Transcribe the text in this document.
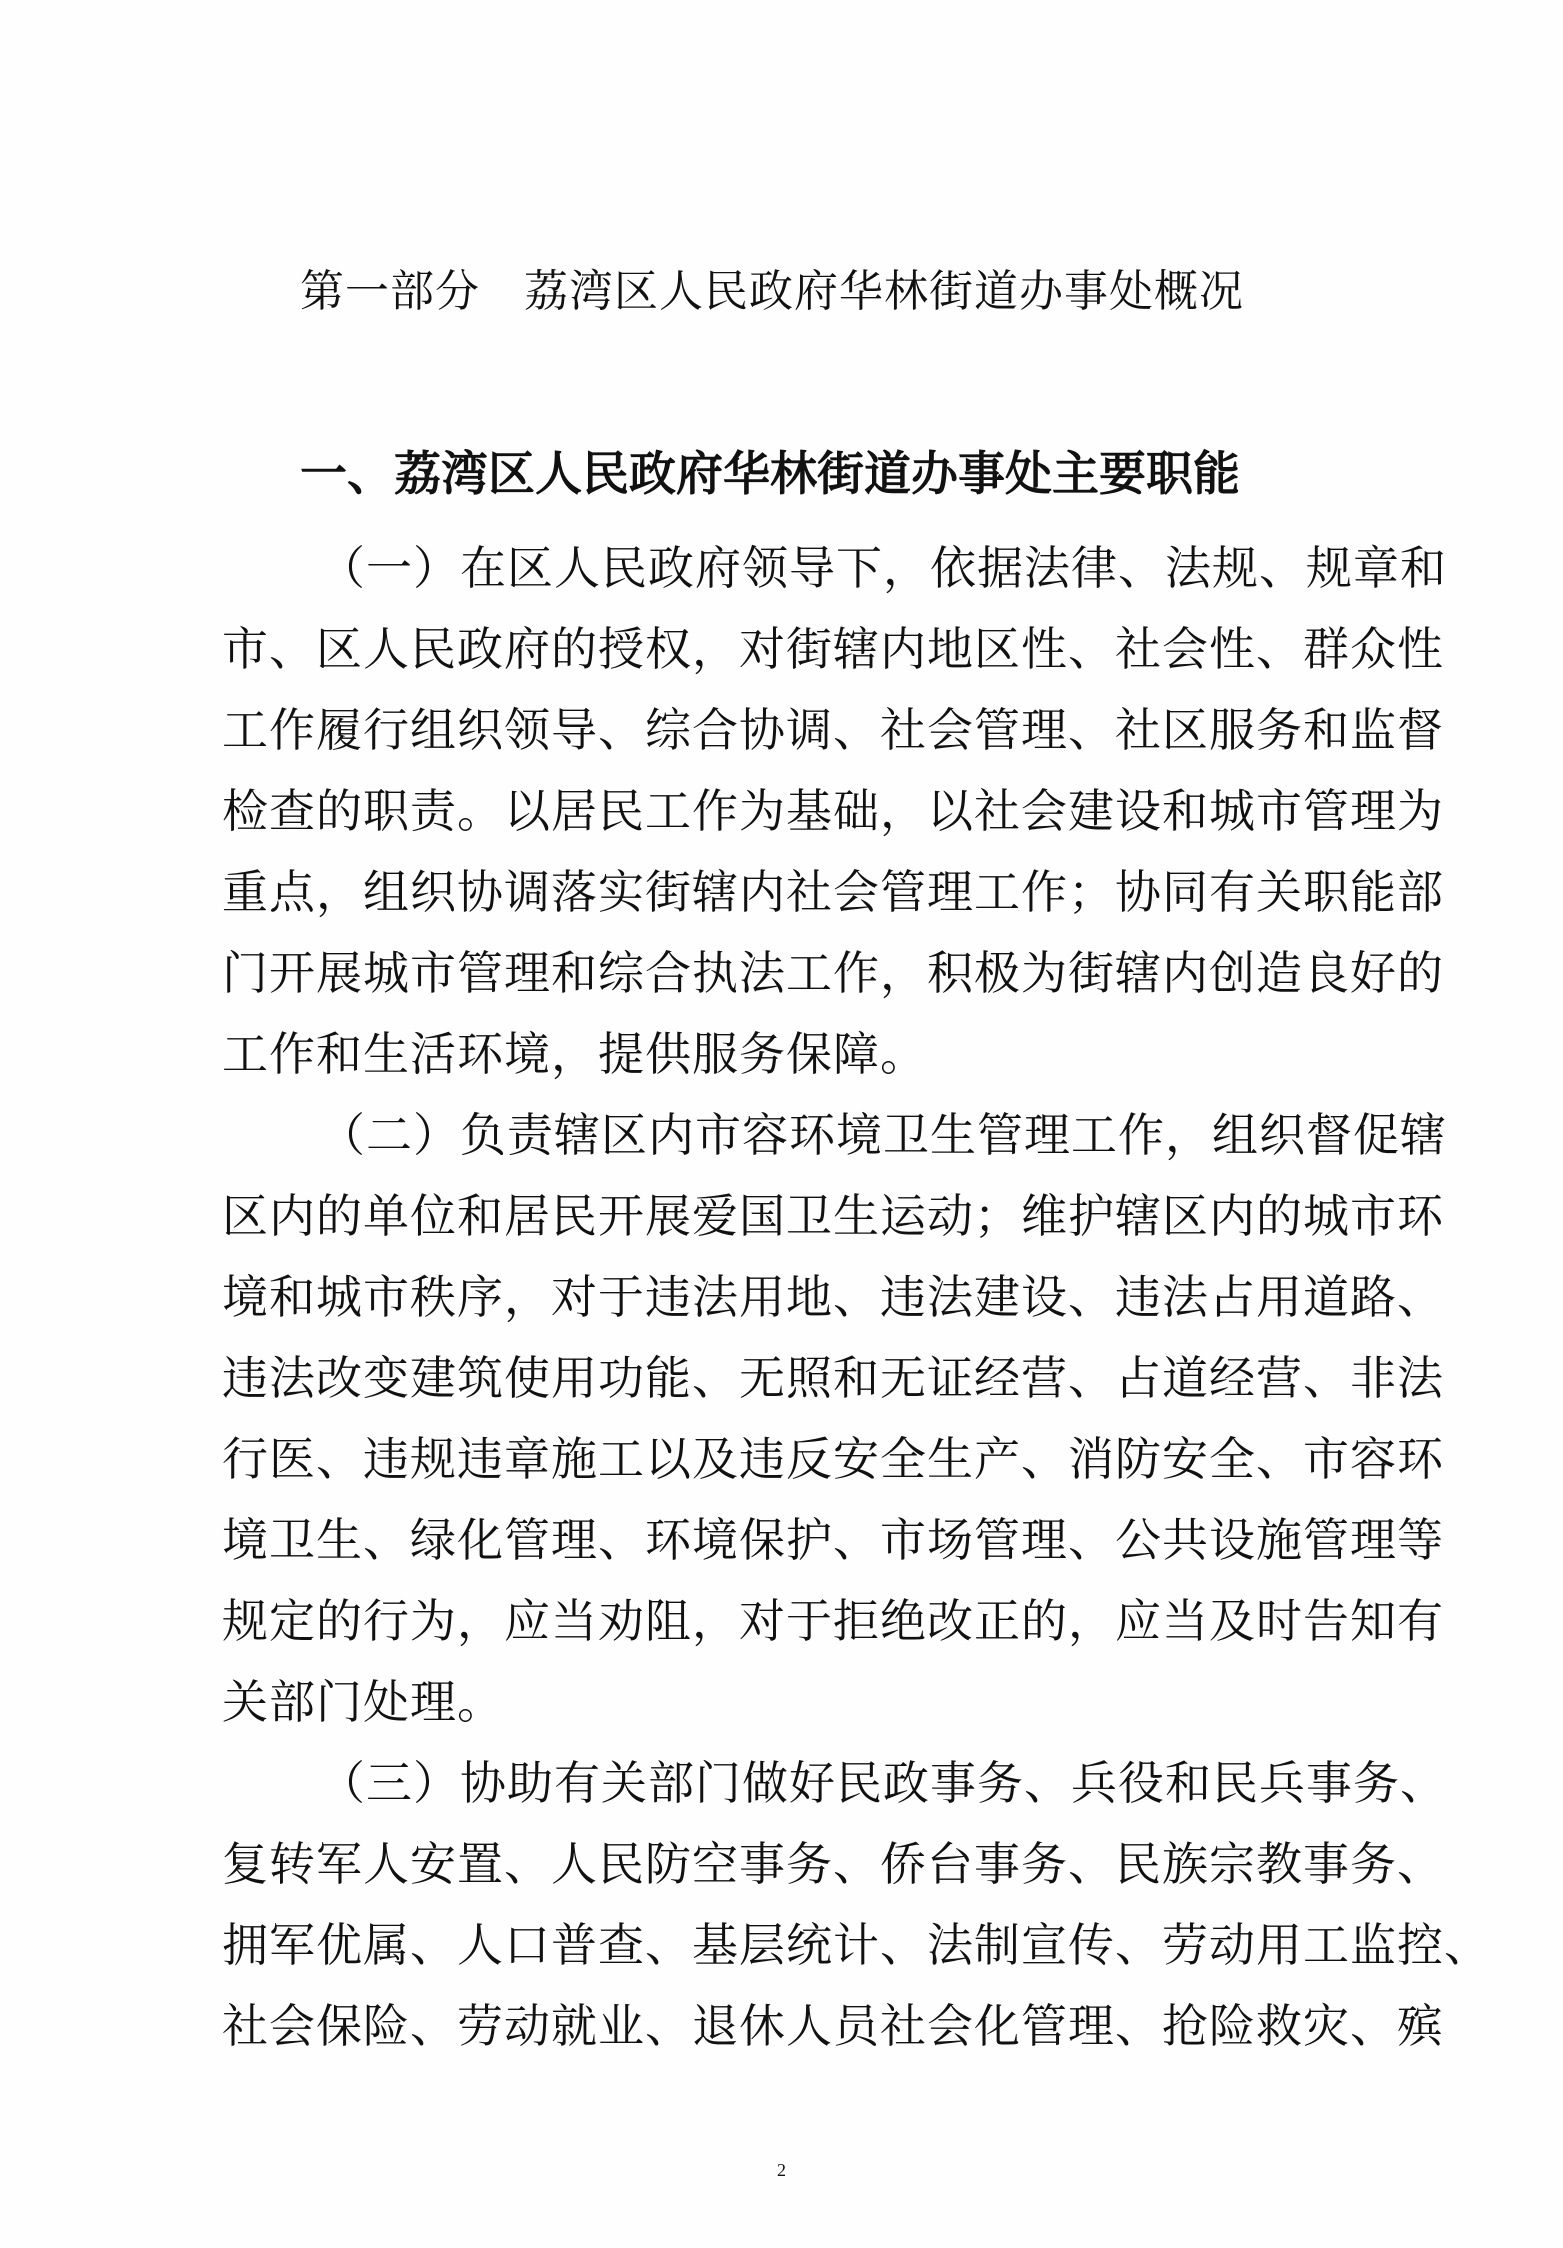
第一部分 荔湾区人民政府华林街道办事处概况
一、荔湾区人民政府华林街道办事处主要职能
（一）在区人民政府领导下，依据法律、法规、规章和
市、区人民政府的授权，对街辖内地区性、社会性、群众性
工作履行组织领导、综合协调、社会管理、社区服务和监督
检查的职责。以居民工作为基础，以社会建设和城市管理为
重点，组织协调落实街辖内社会管理工作；协同有关职能部
门开展城市管理和综合执法工作，积极为街辖内创造良好的
工作和生活环境，提供服务保障。
（二）负责辖区内市容环境卫生管理工作，组织督促辖
区内的单位和居民开展爱国卫生运动；维护辖区内的城市环
境和城市秩序，对于违法用地、违法建设、违法占用道路、
违法改变建筑使用功能、无照和无证经营、占道经营、非法
行医、违规违章施工以及违反安全生产、消防安全、市容环
境卫生、绿化管理、环境保护、市场管理、公共设施管理等
规定的行为，应当劝阻，对于拒绝改正的，应当及时告知有
关部门处理。
（三）协助有关部门做好民政事务、兵役和民兵事务、
复转军人安置、人民防空事务、侨台事务、民族宗教事务、
拥军优属、人口普查、基层统计、法制宣传、劳动用工监控、
社会保险、劳动就业、退休人员社会化管理、抢险救灾、殡
2
